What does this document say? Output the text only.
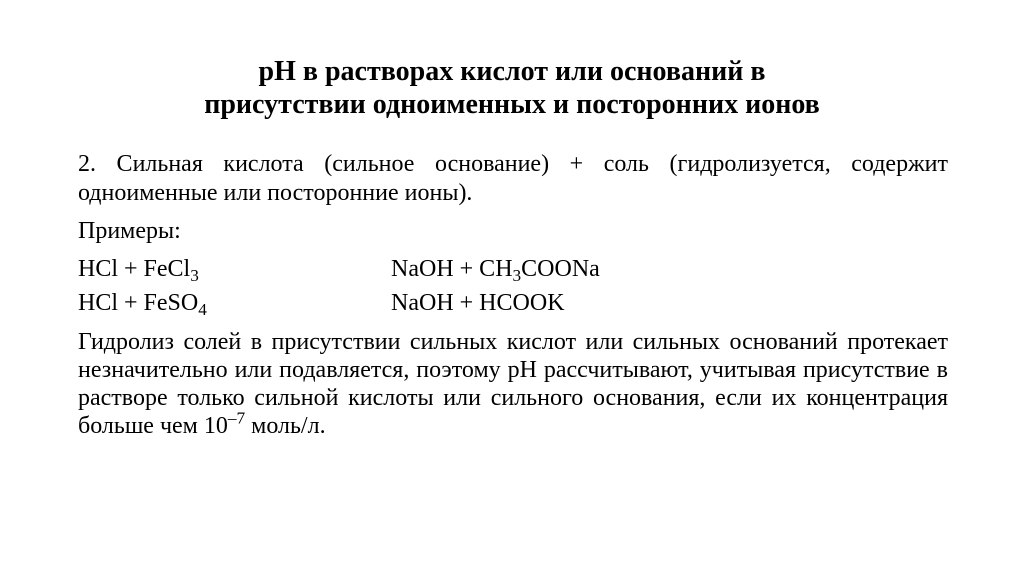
рН в растворах кислот или оснований в
присутствии одноименных и посторонних ионов

2. Сильная кислота (сильное основание) + соль (гидролизуется, содержит одноименные или посторонние ионы).

Примеры:

HCl + FeCl$_3$	NaOH + $CH_3COONa$
HCl + FeSO$_4$	NaOH + HCOOK

Гидролиз солей в присутствии сильных кислот или сильных оснований протекает незначительно или подавляется, поэтому рН рассчитывают, учитывая присутствие в растворе только сильной кислоты или сильного основания, если их концентрация больше чем $10^{-7}$ моль/л.
